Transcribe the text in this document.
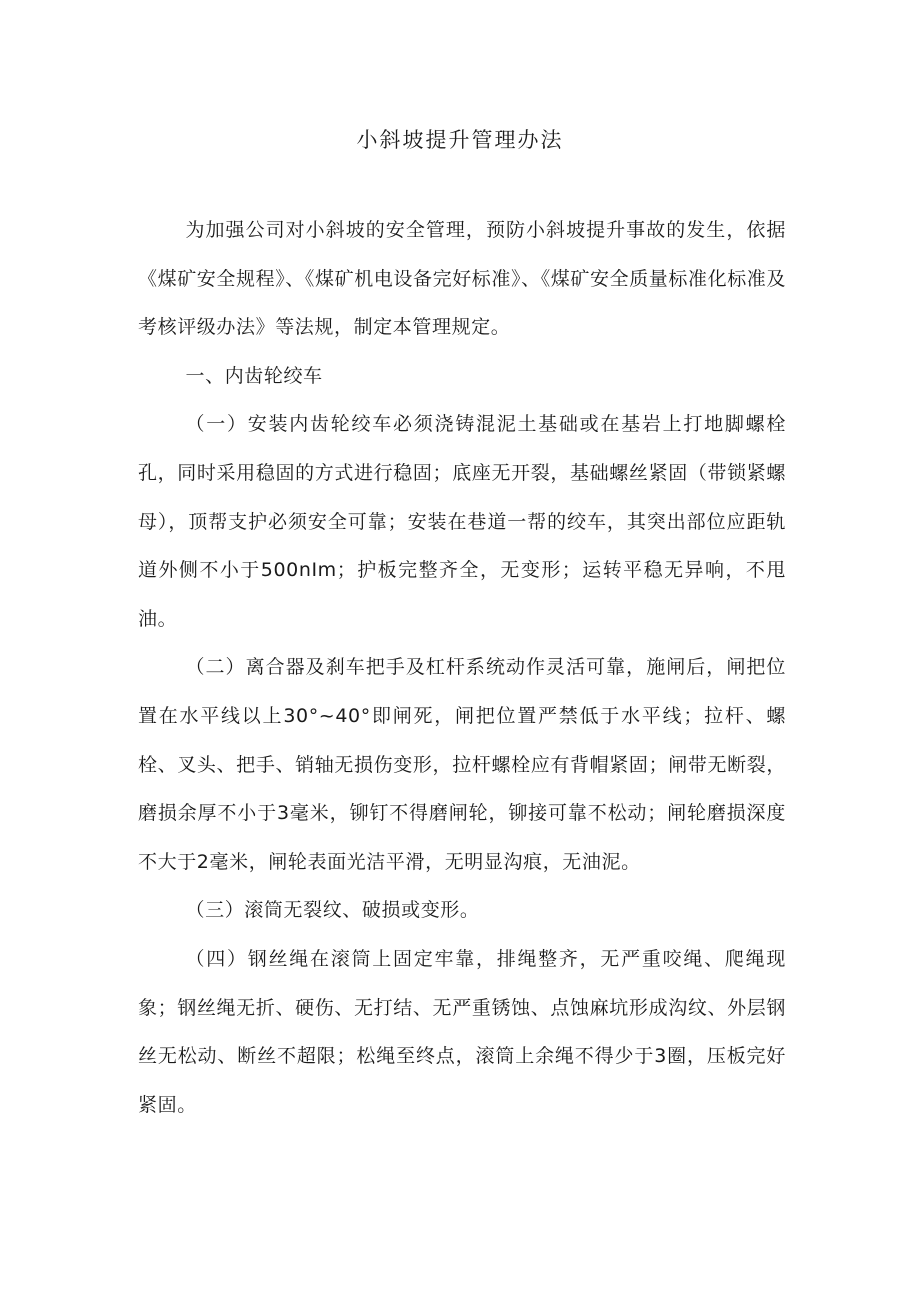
小斜坡提升管理办法

为加强公司对小斜坡的安全管理，预防小斜坡提升事故的发生，依据《煤矿安全规程》、《煤矿机电设备完好标准》、《煤矿安全质量标准化标准及考核评级办法》等法规，制定本管理规定。

一、内齿轮绞车

（一）安装内齿轮绞车必须浇铸混泥土基础或在基岩上打地脚螺栓孔，同时采用稳固的方式进行稳固；底座无开裂，基础螺丝紧固（带锁紧螺母），顶帮支护必须安全可靠；安装在巷道一帮的绞车，其突出部位应距轨道外侧不小于500nIm；护板完整齐全，无变形；运转平稳无异响，不甩油。

（二）离合器及刹车把手及杠杆系统动作灵活可靠，施闸后，闸把位置在水平线以上30°~40°即闸死，闸把位置严禁低于水平线；拉杆、螺栓、叉头、把手、销轴无损伤变形，拉杆螺栓应有背帽紧固；闸带无断裂，磨损余厚不小于3毫米，铆钉不得磨闸轮，铆接可靠不松动；闸轮磨损深度不大于2毫米，闸轮表面光洁平滑，无明显沟痕，无油泥。

（三）滚筒无裂纹、破损或变形。

（四）钢丝绳在滚筒上固定牢靠，排绳整齐，无严重咬绳、爬绳现象；钢丝绳无折、硬伤、无打结、无严重锈蚀、点蚀麻坑形成沟纹、外层钢丝无松动、断丝不超限；松绳至终点，滚筒上余绳不得少于3圈，压板完好紧固。
